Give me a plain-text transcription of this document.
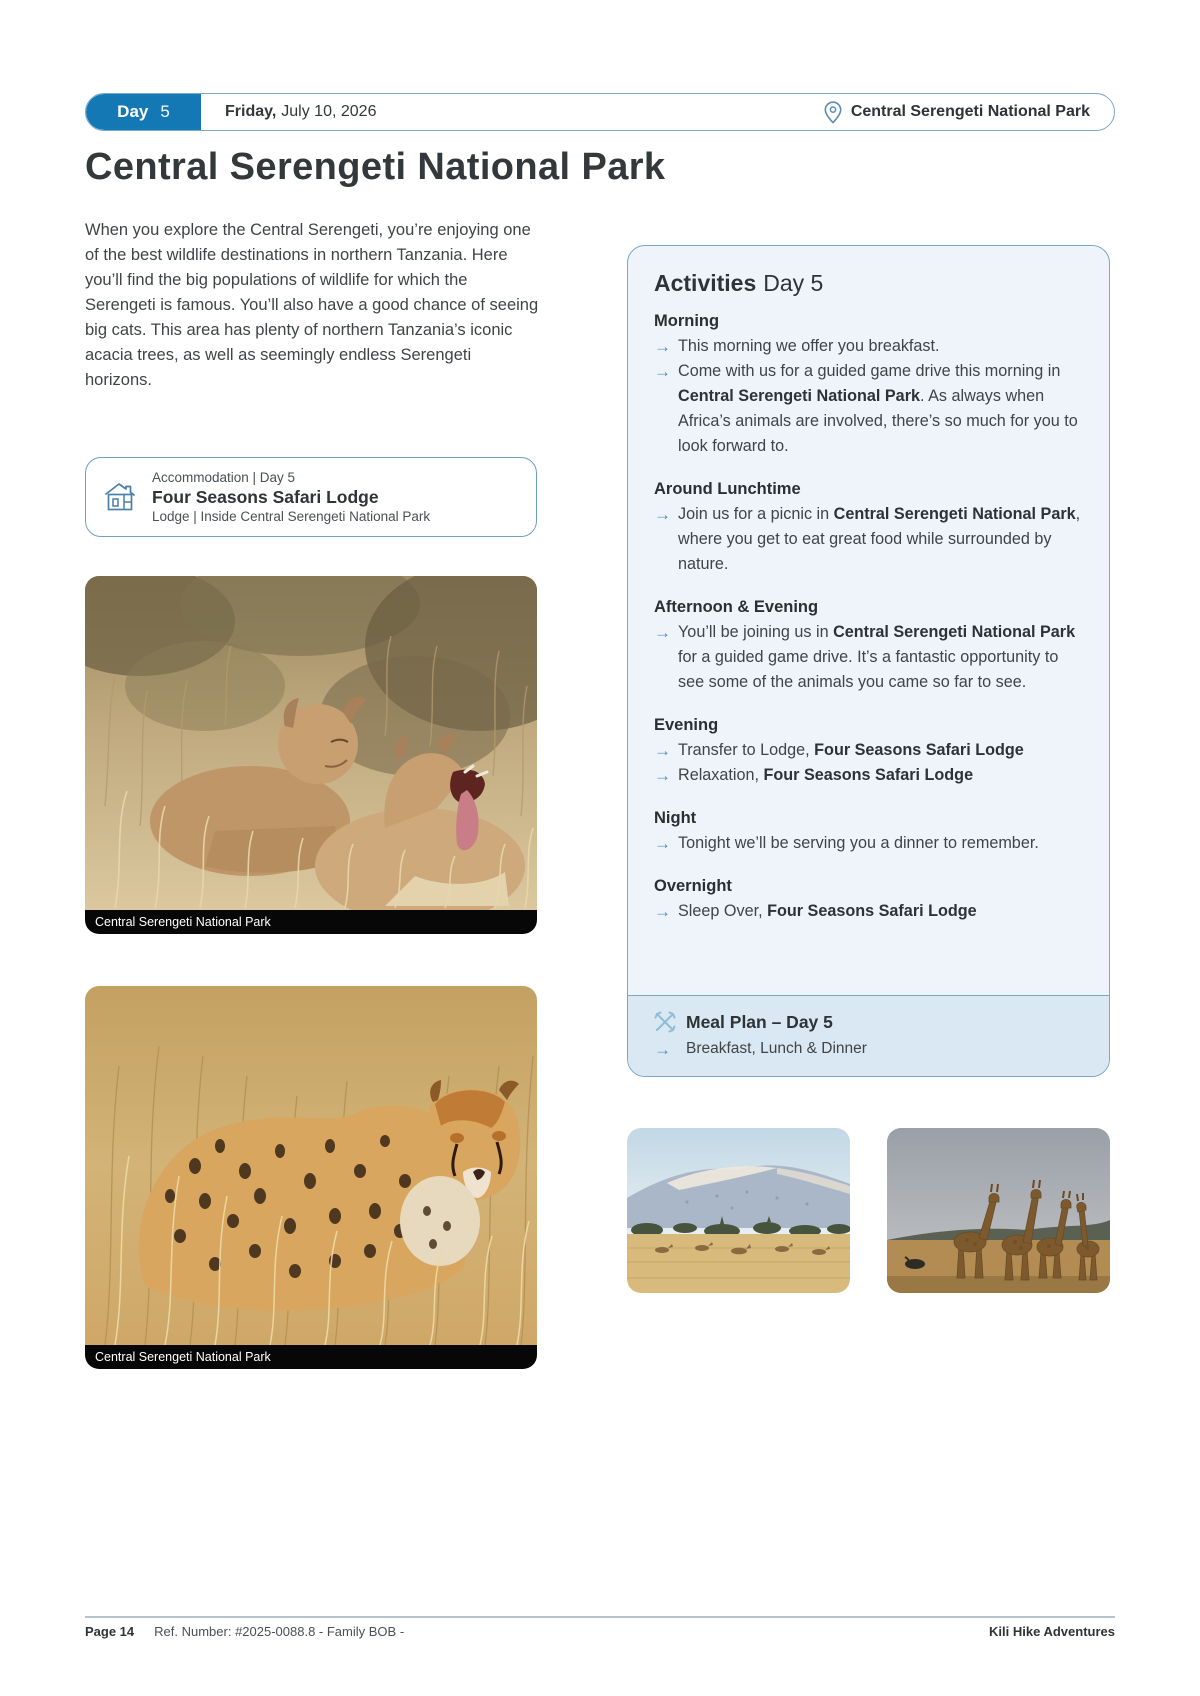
Day 5	Friday, July 10, 2026	Central Serengeti National Park
Central Serengeti National Park

When you explore the Central Serengeti, you’re enjoying one of the best wildlife destinations in northern Tanzania. Here you’ll find the big populations of wildlife for which the Serengeti is famous. You’ll also have a good chance of seeing big cats. This area has plenty of northern Tanzania’s iconic acacia trees, as well as seemingly endless Serengeti horizons.

Accommodation | Day 5
Four Seasons Safari Lodge
Lodge | Inside Central Serengeti National Park
Central Serengeti National Park
Central Serengeti National Park
Activities Day 5
Morning
→ This morning we offer you breakfast.
→ Come with us for a guided game drive this morning in Central Serengeti National Park. As always when Africa’s animals are involved, there’s so much for you to look forward to.
Around Lunchtime
→ Join us for a picnic in Central Serengeti National Park, where you get to eat great food while surrounded by nature.
Afternoon & Evening
→ You’ll be joining us in Central Serengeti National Park for a guided game drive. It’s a fantastic opportunity to see some of the animals you came so far to see.
Evening
→ Transfer to Lodge, Four Seasons Safari Lodge
→ Relaxation, Four Seasons Safari Lodge
Night
→ Tonight we’ll be serving you a dinner to remember.
Overnight
→ Sleep Over, Four Seasons Safari Lodge
Meal Plan – Day 5
→ Breakfast, Lunch & Dinner
Page 14 Ref. Number: #2025-0088.8 - Family BOB -	Kili Hike Adventures
